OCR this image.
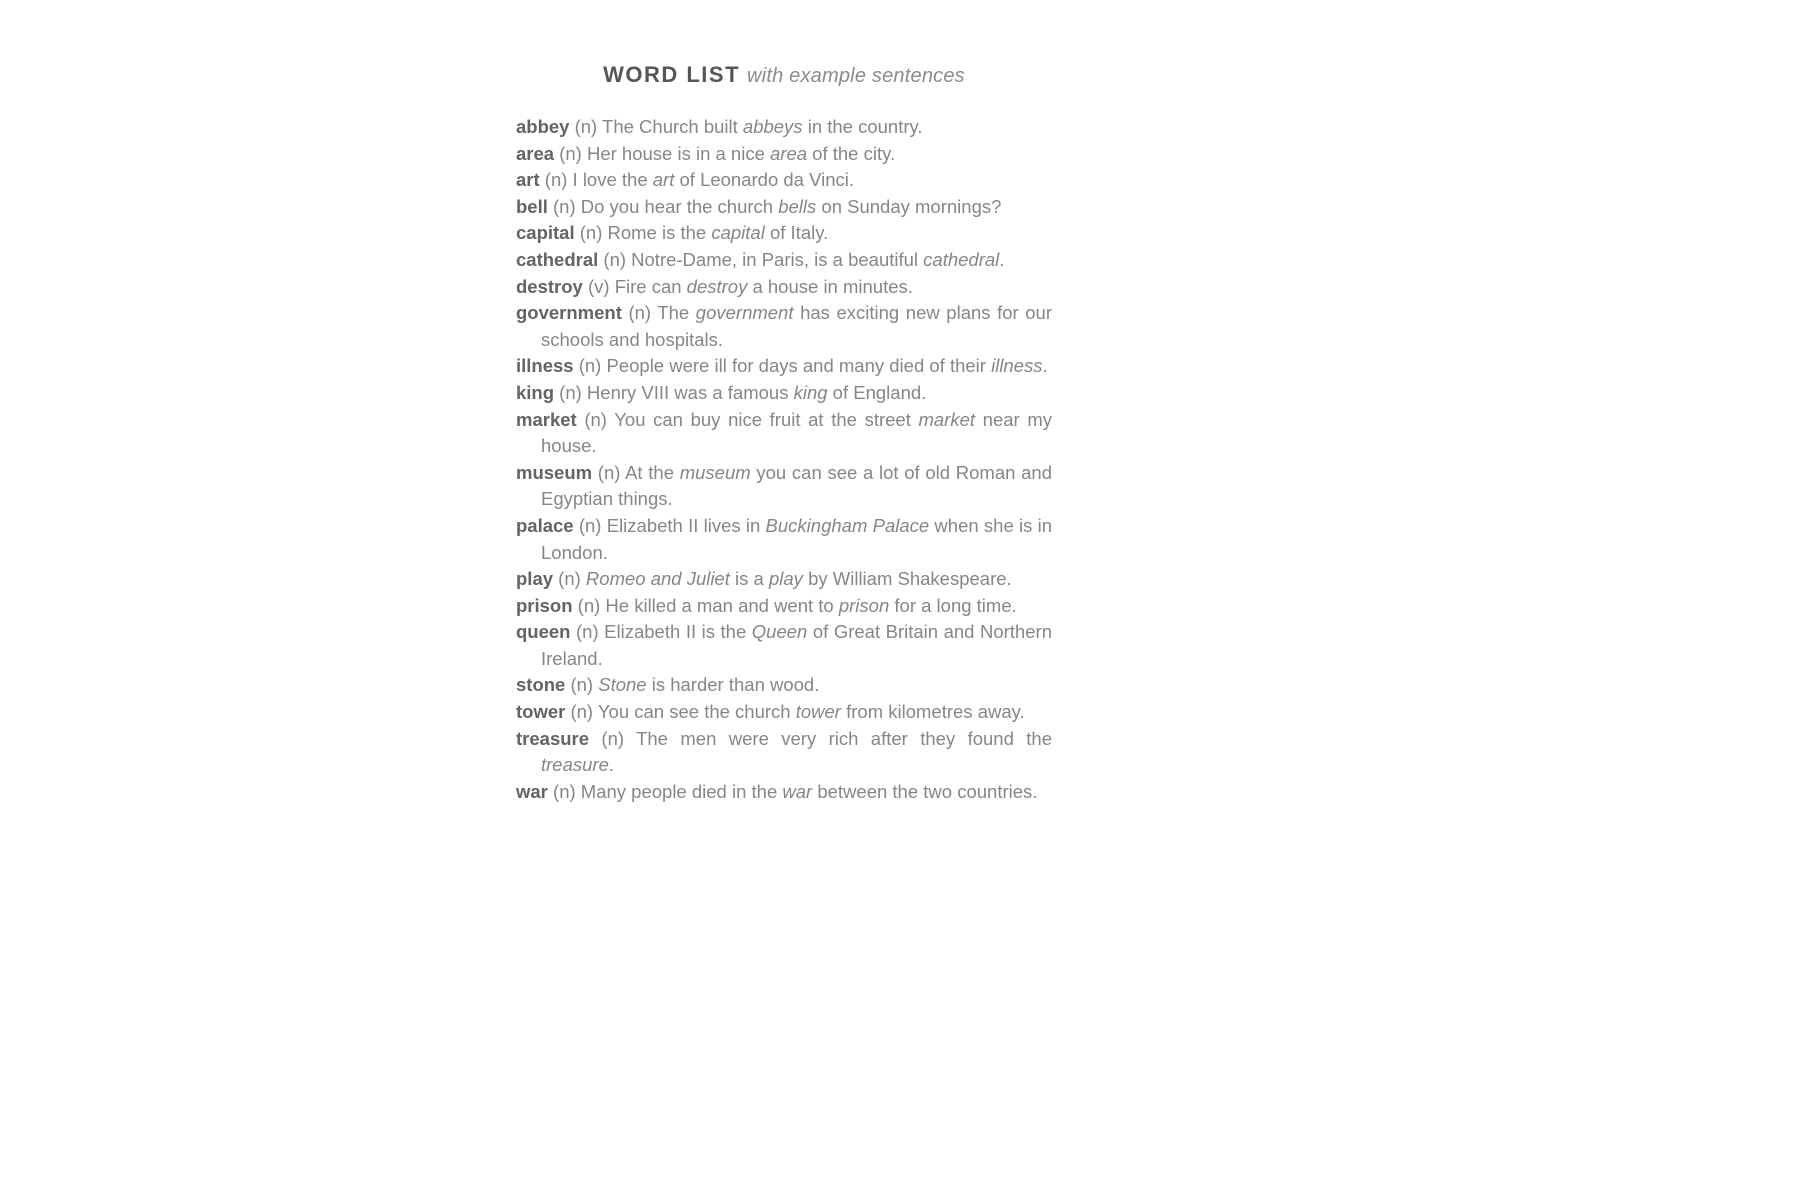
WORD LIST with example sentences
abbey (n) The Church built abbeys in the country.
area (n) Her house is in a nice area of the city.
art (n) I love the art of Leonardo da Vinci.
bell (n) Do you hear the church bells on Sunday mornings?
capital (n) Rome is the capital of Italy.
cathedral (n) Notre-Dame, in Paris, is a beautiful cathedral.
destroy (v) Fire can destroy a house in minutes.
government (n) The government has exciting new plans for our schools and hospitals.
illness (n) People were ill for days and many died of their illness.
king (n) Henry VIII was a famous king of England.
market (n) You can buy nice fruit at the street market near my house.
museum (n) At the museum you can see a lot of old Roman and Egyptian things.
palace (n) Elizabeth II lives in Buckingham Palace when she is in London.
play (n) Romeo and Juliet is a play by William Shakespeare.
prison (n) He killed a man and went to prison for a long time.
queen (n) Elizabeth II is the Queen of Great Britain and Northern Ireland.
stone (n) Stone is harder than wood.
tower (n) You can see the church tower from kilometres away.
treasure (n) The men were very rich after they found the treasure.
war (n) Many people died in the war between the two countries.
